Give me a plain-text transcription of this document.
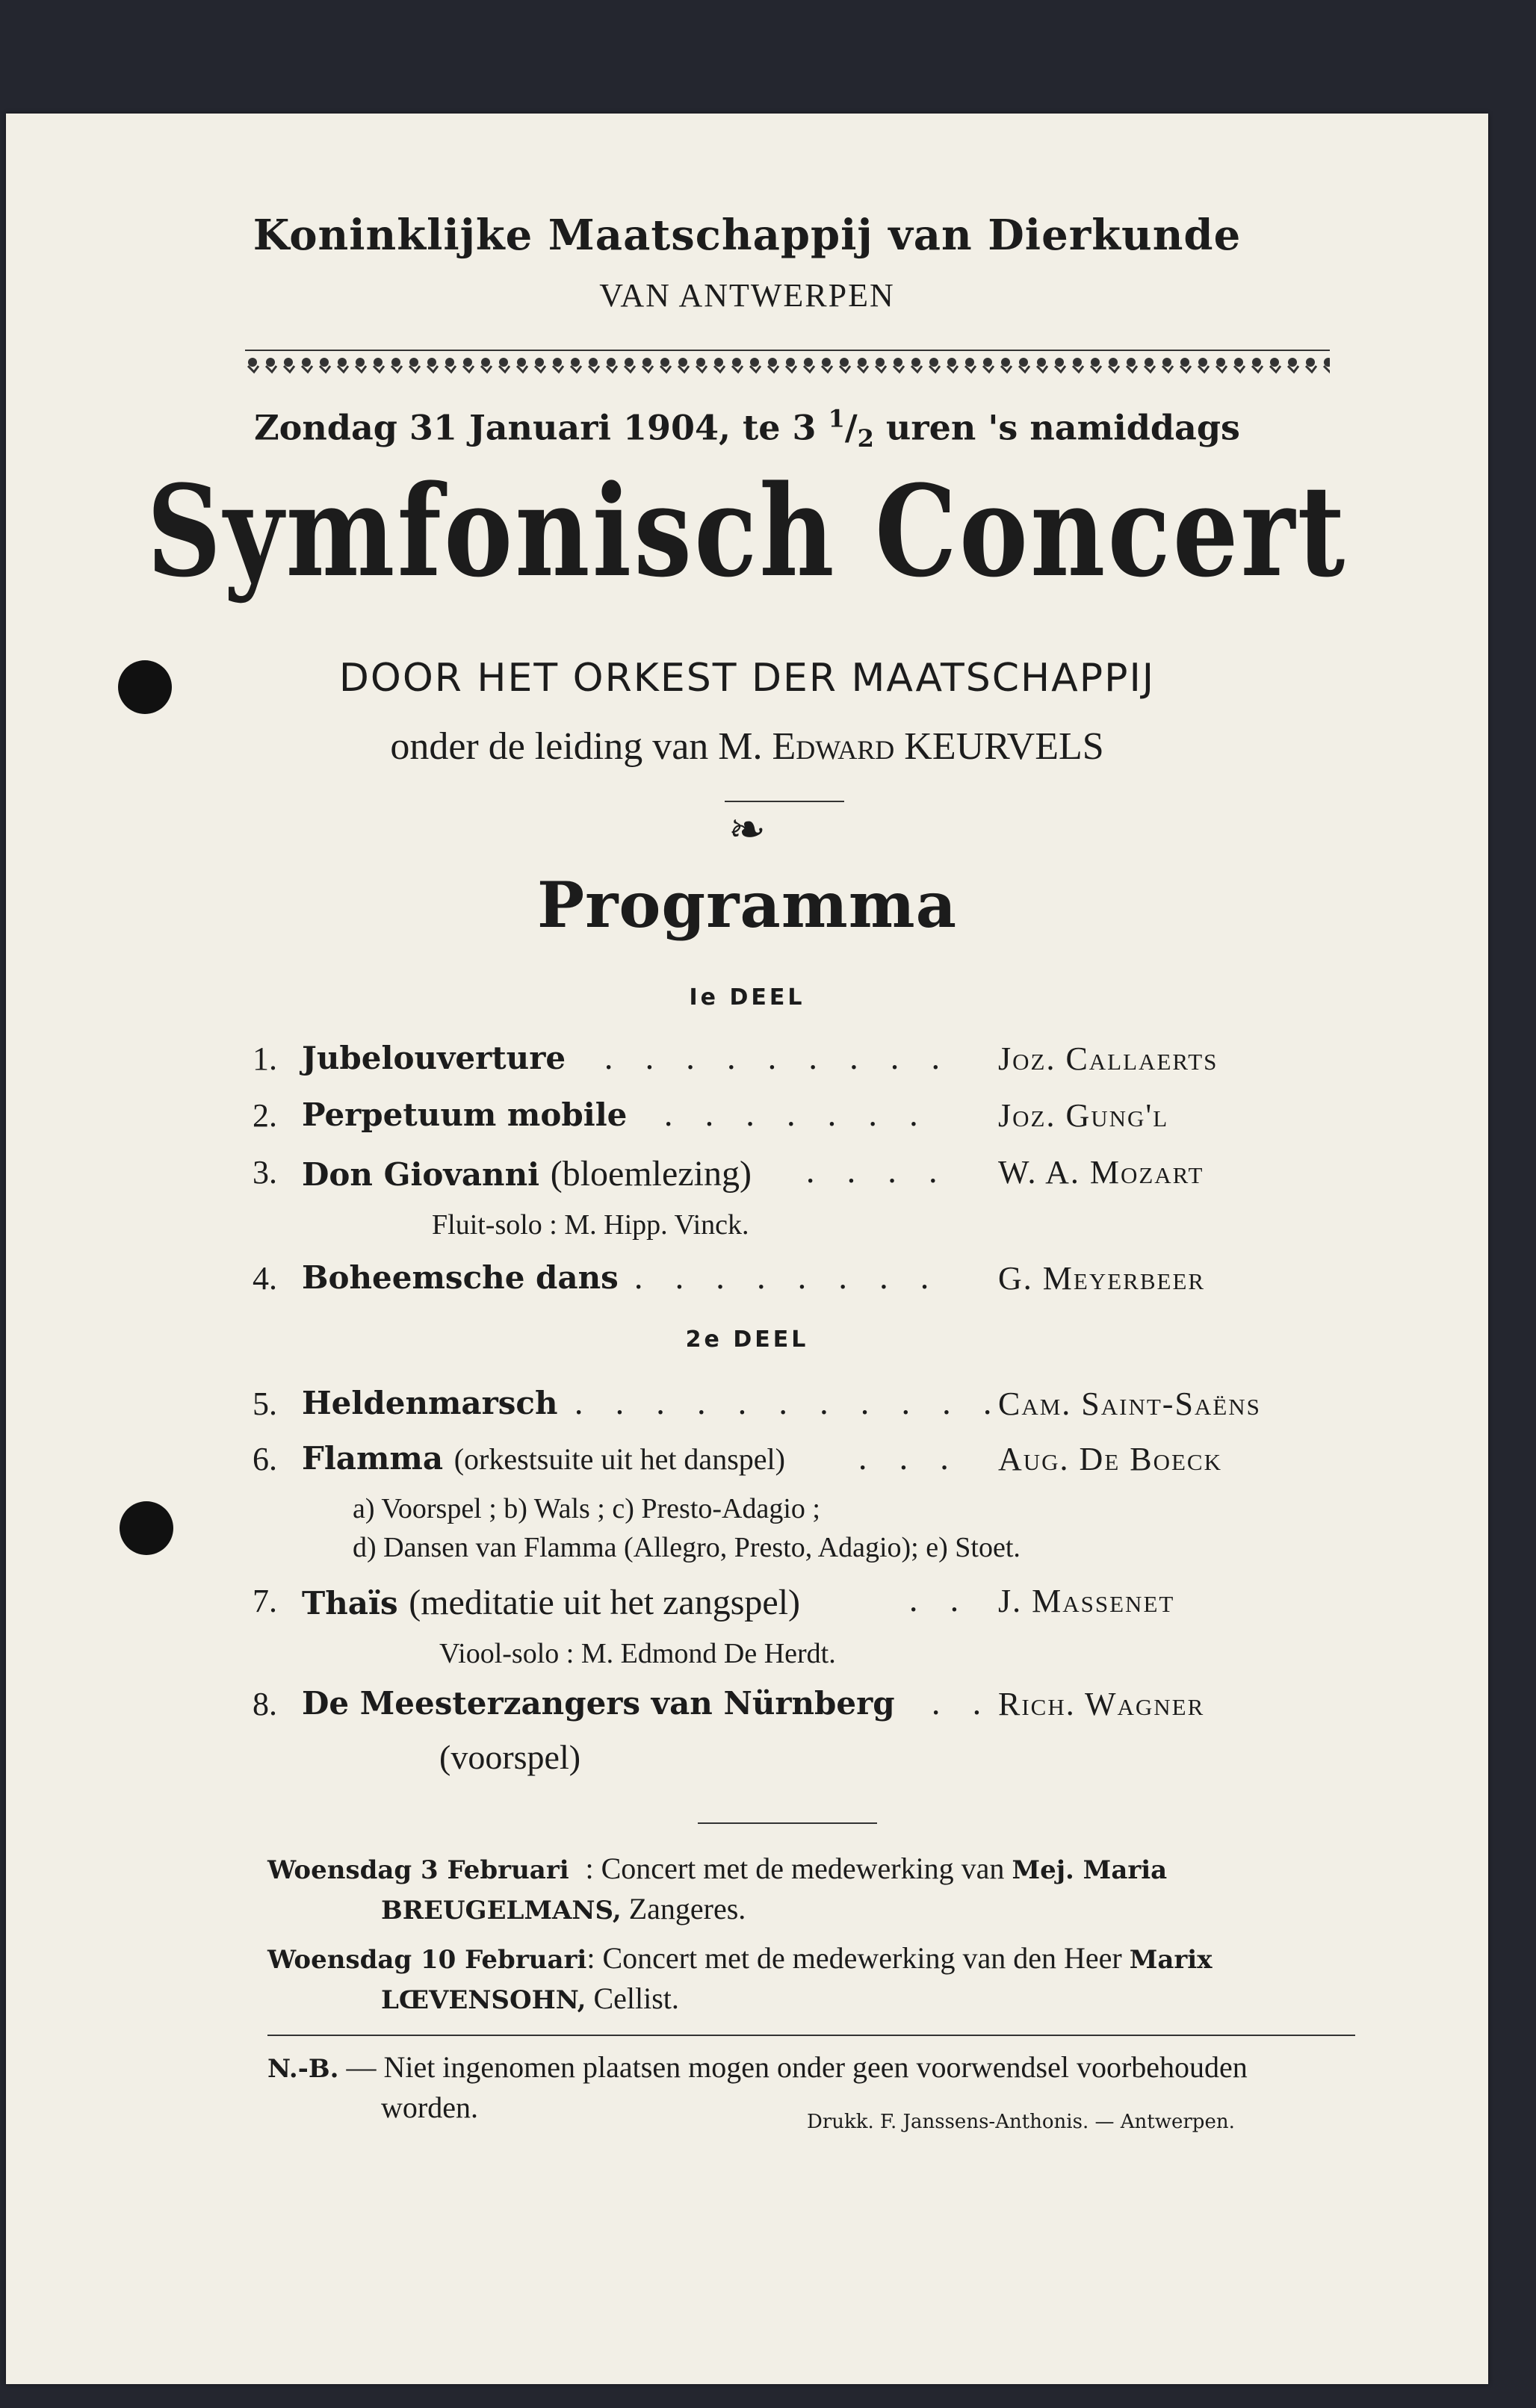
Koninklijke Maatschappij van Dierkunde
VAN ANTWERPEN
Zondag 31 Januari 1904, te 3 $^1/_2$ uren 's namiddags
Symfonisch Concert
DOOR HET ORKEST DER MAATSCHAPPIJ
onder de leiding van M. Edward KEURVELS
❧
Programma
Ie DEEL
1. Jubelouverture . . . . . . . . . Joz. Callaerts
2. Perpetuum mobile . . . . . . . Joz. Gung'l
3. Don Giovanni (bloemlezing) . . . . W. A. Mozart
Fluit-solo : M. Hipp. Vinck.
4. Boheemsche dans . . . . . . . . G. Meyerbeer
2e DEEL
5. Heldenmarsch . . . . . . . . . . .
Cam. Saint-Saëns
6. Flamma (orkestsuite uit het danspel) . . . Aug. De Boeck
a) Voorspel ; b) Wals ; c) Presto-Adagio ;
d) Dansen van Flamma (Allegro, Presto, Adagio); e) Stoet.
7. Thaïs (meditatie uit het zangspel)	. . J. Massenet
Viool-solo : M. Edmond De Herdt.
8. De Meesterzangers van Nürnberg . . Rich. Wagner
(voorspel)
Woensdag 3 Februari : Concert met de medewerking van Mej. Maria
BREUGELMANS, Zangeres.
Woensdag 10 Februari: Concert met de medewerking van den Heer Marix
LŒVENSOHN, Cellist.
N.-B. — Niet ingenomen plaatsen mogen onder geen voorwendsel voorbehouden
worden.	Drukk. F. Janssens-Anthonis. — Antwerpen.
